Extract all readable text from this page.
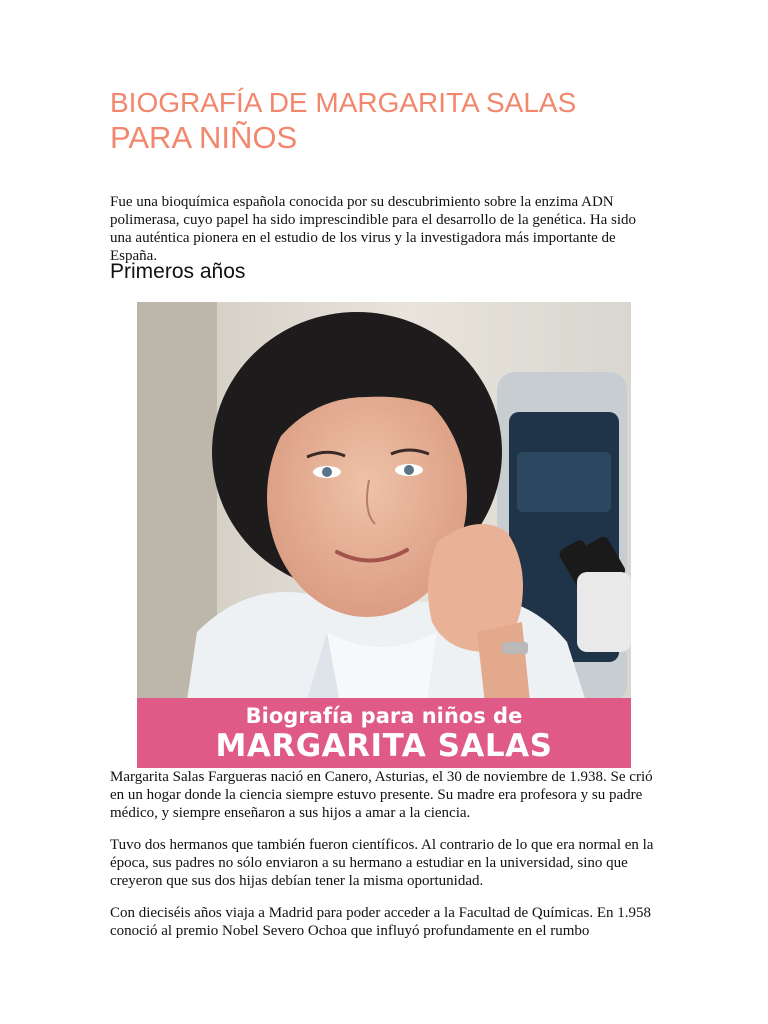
BIOGRAFÍA DE MARGARITA SALAS
PARA NIÑOS

Fue una bioquímica española conocida por su descubrimiento sobre la enzima ADN polimerasa, cuyo papel ha sido imprescindible para el desarrollo de la genética. Ha sido una auténtica pionera en el estudio de los virus y la investigadora más importante de España.

Primeros años
Biografía para niños de
MARGARITA SALAS

Margarita Salas Fargueras nació en Canero, Asturias, el 30 de noviembre de 1.938. Se crió en un hogar donde la ciencia siempre estuvo presente. Su madre era profesora y su padre médico, y siempre enseñaron a sus hijos a amar a la ciencia.

Tuvo dos hermanos que también fueron científicos. Al contrario de lo que era normal en la época, sus padres no sólo enviaron a su hermano a estudiar en la universidad, sino que creyeron que sus dos hijas debían tener la misma oportunidad.

Con dieciséis años viaja a Madrid para poder acceder a la Facultad de Químicas. En 1.958 conoció al premio Nobel Severo Ochoa que influyó profundamente en el rumbo
